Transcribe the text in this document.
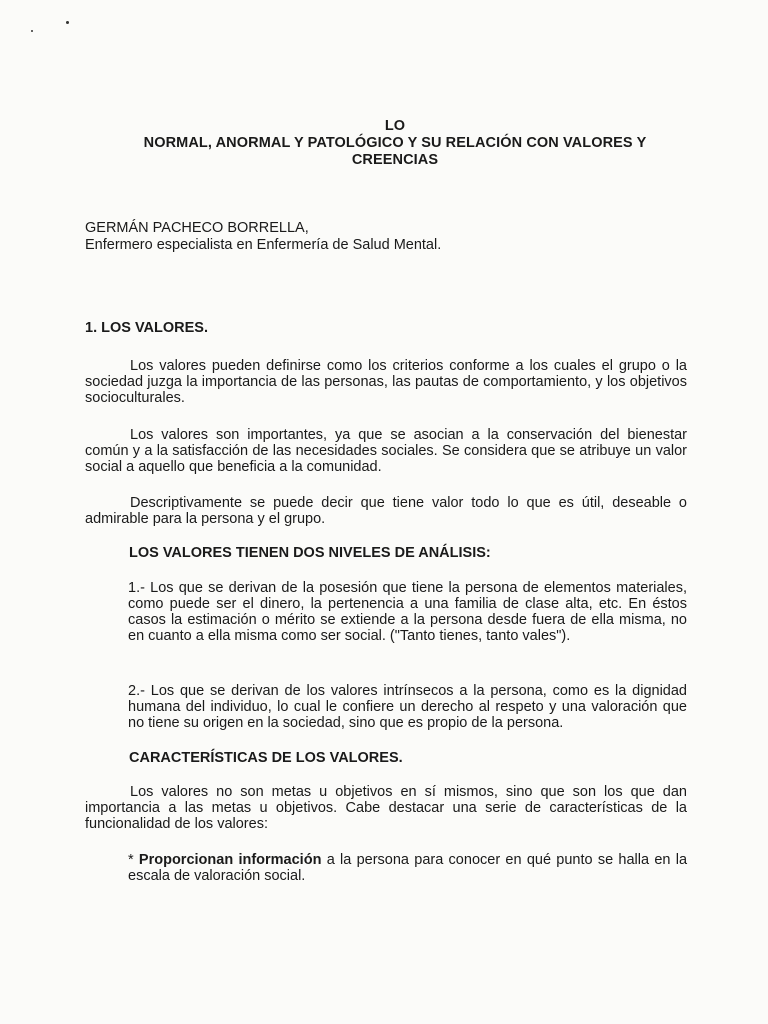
LO
NORMAL, ANORMAL Y PATOLÓGICO Y SU RELACIÓN CON VALORES Y
CREENCIAS
GERMÁN PACHECO BORRELLA,
Enfermero especialista en Enfermería de Salud Mental.
1. LOS VALORES.
Los valores pueden definirse como los criterios conforme a los cuales el grupo o la sociedad juzga la importancia de las personas, las pautas de comportamiento, y los objetivos socioculturales.
Los valores son importantes, ya que se asocian a la conservación del bienestar común y a la satisfacción de las necesidades sociales. Se considera que se atribuye un valor social a aquello que beneficia a la comunidad.
Descriptivamente se puede decir que tiene valor todo lo que es útil, deseable o admirable para la persona y el grupo.
LOS VALORES TIENEN DOS NIVELES DE ANÁLISIS:
1.- Los que se derivan de la posesión que tiene la persona de elementos materiales, como puede ser el dinero, la pertenencia a una familia de clase alta, etc. En éstos casos la estimación o mérito se extiende a la persona desde fuera de ella misma, no en cuanto a ella misma como ser social. ("Tanto tienes, tanto vales").
2.- Los que se derivan de los valores intrínsecos a la persona, como es la dignidad humana del individuo, lo cual le confiere un derecho al respeto y una valoración que no tiene su origen en la sociedad, sino que es propio de la persona.
CARACTERÍSTICAS DE LOS VALORES.
Los valores no son metas u objetivos en sí mismos, sino que son los que dan importancia a las metas u objetivos. Cabe destacar una serie de características de la funcionalidad de los valores:
* Proporcionan información a la persona para conocer en qué punto se halla en la escala de valoración social.
